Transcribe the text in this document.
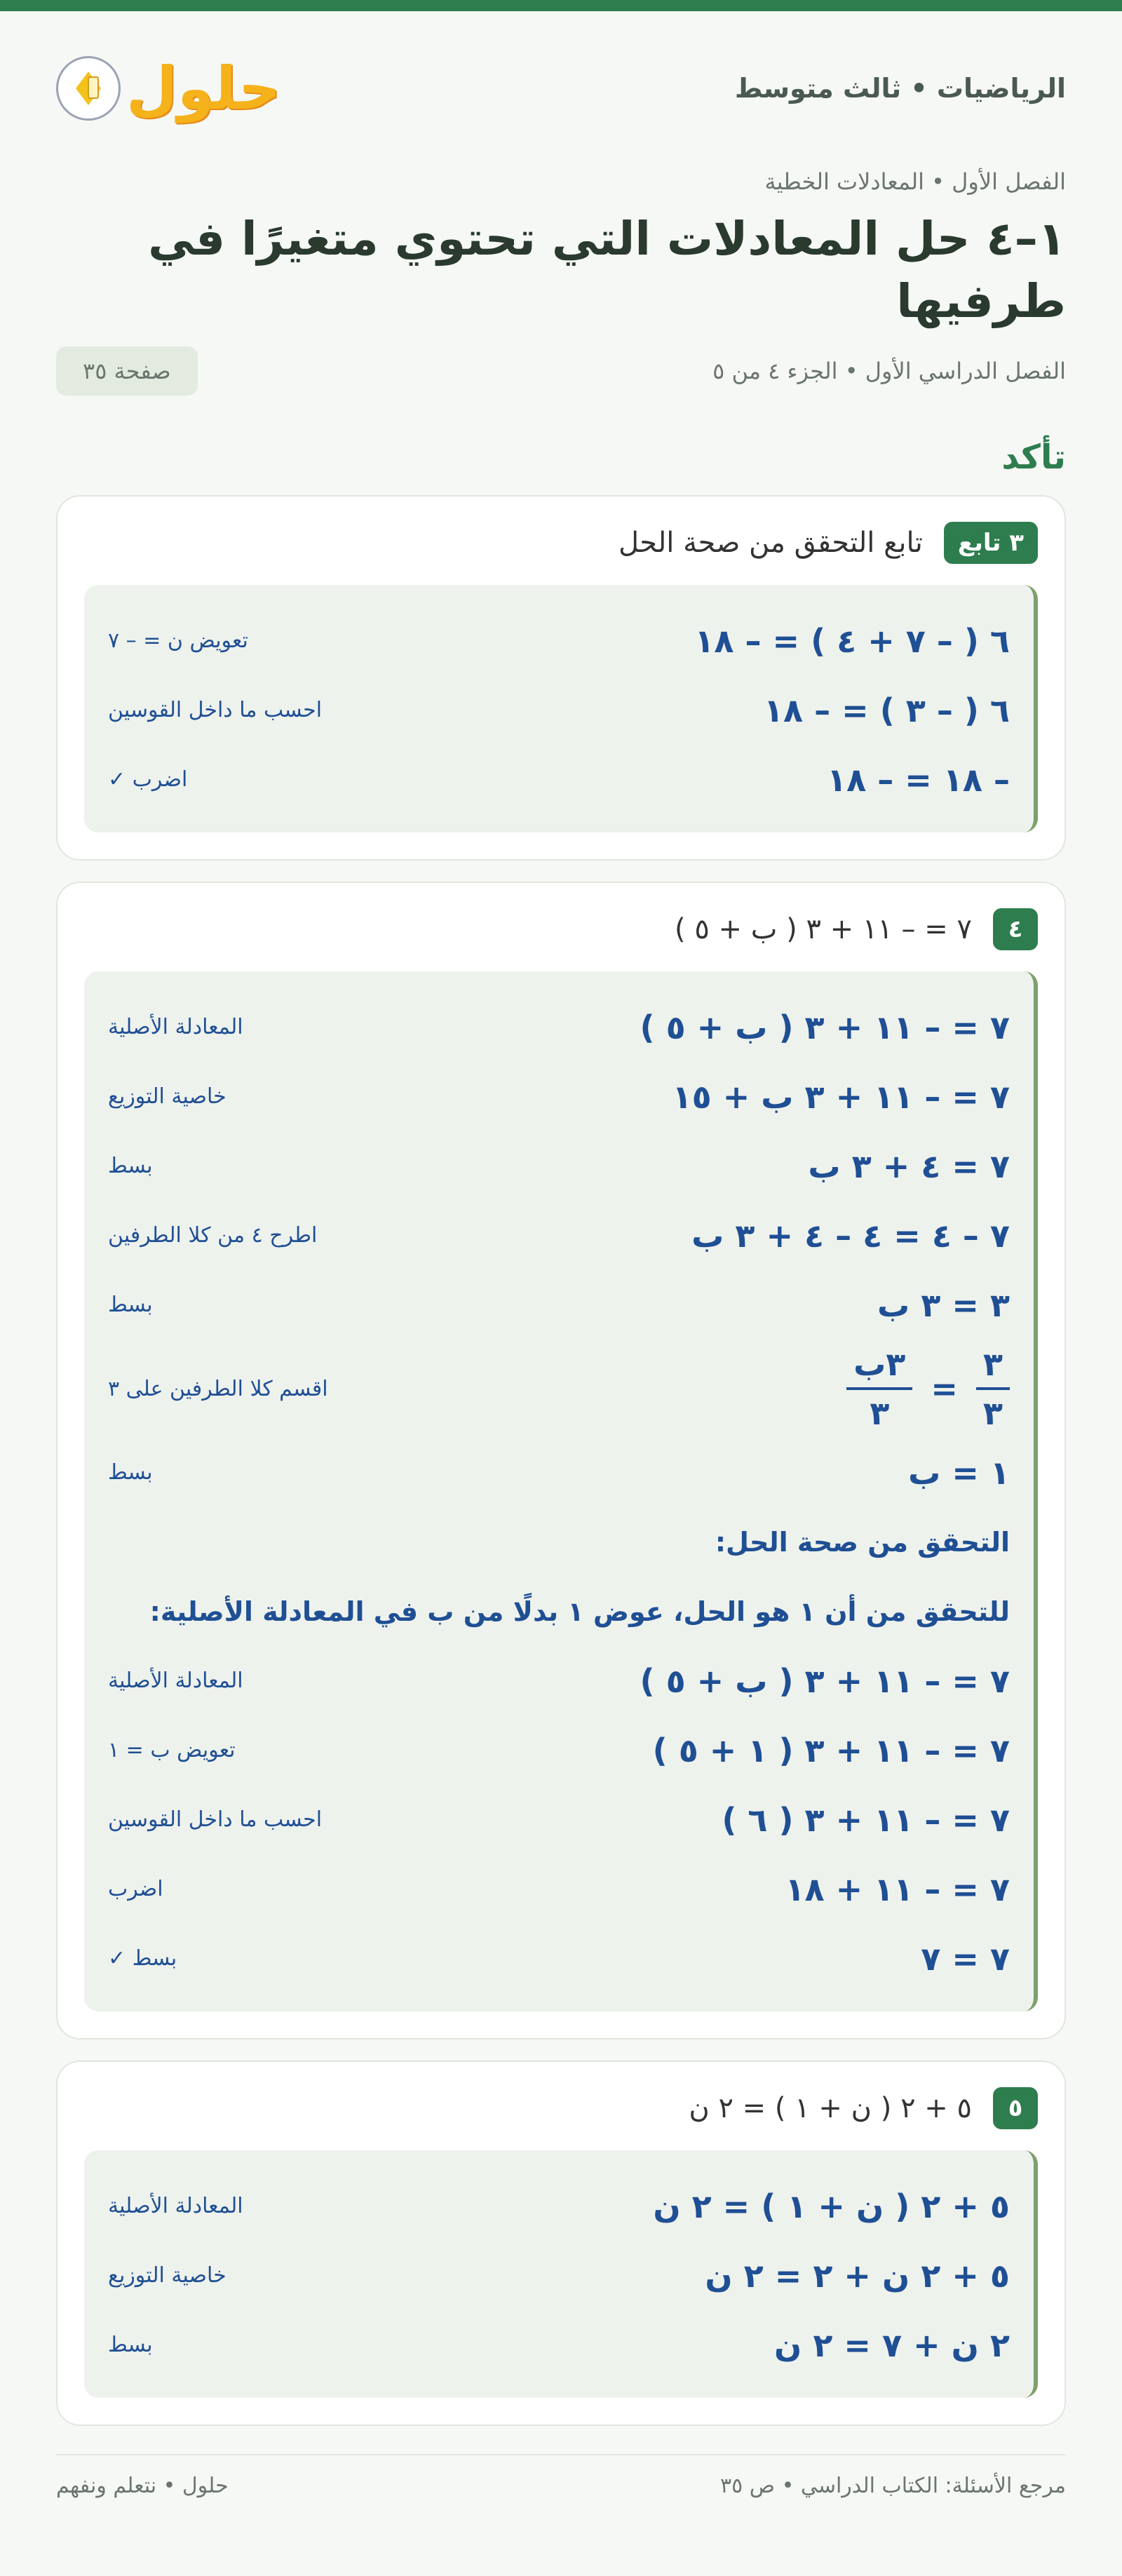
الرياضيات • ثالث متوسط
حلول
الفصل الأول • المعادلات الخطية
١–٤ حل المعادلات التي تحتوي متغيرًا في طرفيها
الفصل الدراسي الأول • الجزء ٤ من ٥
صفحة ٣٥
تأكد
٣ تابع
تابع التحقق من صحة الحل
٦ ( – ٧ + ٤ ) = – ١٨
تعويض ن = – ٧
٦ ( – ٣ ) = – ١٨
احسب ما داخل القوسين
– ١٨ = – ١٨
اضرب ✓
٤
٧ = – ١١ + ٣ ( ب + ٥ )
٧ = – ١١ + ٣ ( ب + ٥ )
المعادلة الأصلية
٧ = – ١١ + ٣ ب + ١٥
خاصية التوزيع
٧ = ٤ + ٣ ب
بسط
٧ – ٤ = ٤ – ٤ + ٣ ب
اطرح ٤ من كلا الطرفين
٣ = ٣ ب
بسط
٣
٣
=
٣ب
٣
اقسم كلا الطرفين على ٣
١ = ب
بسط
التحقق من صحة الحل:
للتحقق من أن ١ هو الحل، عوض ١ بدلًا من ب في المعادلة الأصلية:
٧ = – ١١ + ٣ ( ب + ٥ )
المعادلة الأصلية
٧ = – ١١ + ٣ ( ١ + ٥ )
تعويض ب = ١
٧ = – ١١ + ٣ ( ٦ )
احسب ما داخل القوسين
٧ = – ١١ + ١٨
اضرب
٧ = ٧
بسط ✓
٥
٥ + ٢ ( ن + ١ ) = ٢ ن
٥ + ٢ ( ن + ١ ) = ٢ ن
المعادلة الأصلية
٥ + ٢ ن + ٢ = ٢ ن
خاصية التوزيع
٢ ن + ٧ = ٢ ن
بسط
مرجع الأسئلة: الكتاب الدراسي • ص ٣٥
حلول • نتعلم ونفهم
